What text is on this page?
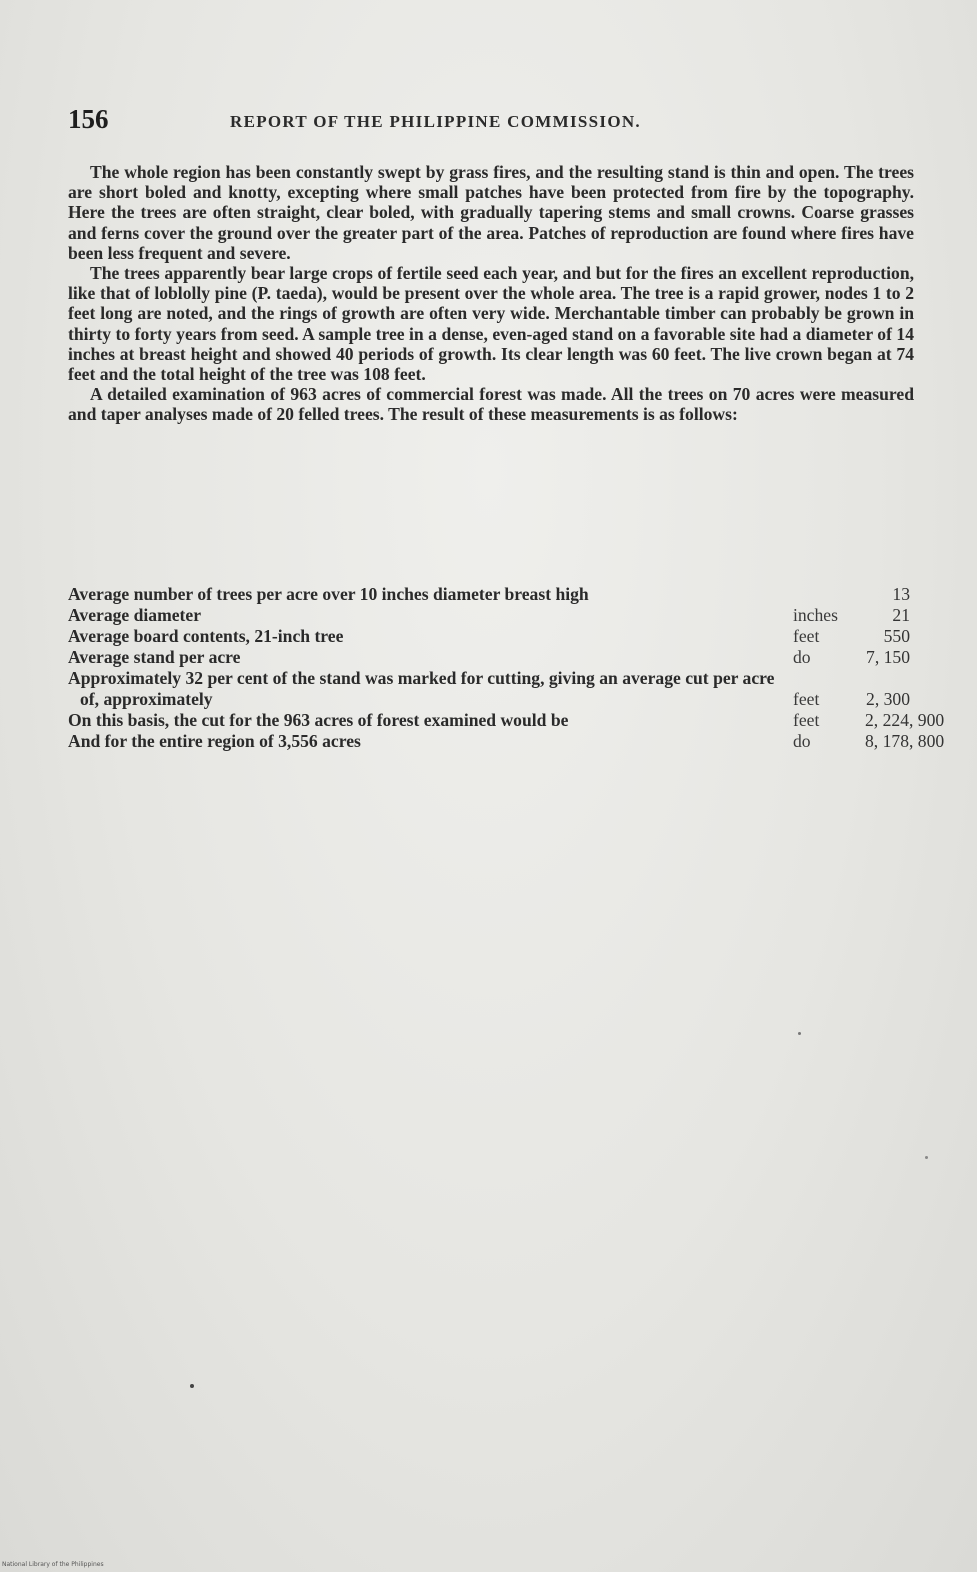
156	REPORT OF THE PHILIPPINE COMMISSION.

The whole region has been constantly swept by grass fires, and the resulting stand is thin and open. The trees are short boled and knotty, excepting where small patches have been protected from fire by the topography. Here the trees are often straight, clear boled, with gradually tapering stems and small crowns. Coarse grasses and ferns cover the ground over the greater part of the area. Patches of reproduction are found where fires have been less frequent and severe.

The trees apparently bear large crops of fertile seed each year, and but for the fires an excellent reproduction, like that of loblolly pine (P. taeda), would be present over the whole area. The tree is a rapid grower, nodes 1 to 2 feet long are noted, and the rings of growth are often very wide. Merchantable timber can probably be grown in thirty to forty years from seed. A sample tree in a dense, even-aged stand on a favorable site had a diameter of 14 inches at breast height and showed 40 periods of growth. Its clear length was 60 feet. The live crown began at 74 feet and the total height of the tree was 108 feet.

A detailed examination of 963 acres of commercial forest was made. All the trees on 70 acres were measured and taper analyses made of 20 felled trees. The result of these measurements is as follows:

Average number of trees per acre over 10 inches diameter breast high	13
Average diameter	inches	21
Average board contents, 21-inch tree	feet	550
Average stand per acre	do	7, 150
Approximately 32 per cent of the stand was marked for cutting, giving an average cut per acre of, approximately	feet	2, 300
On this basis, the cut for the 963 acres of forest examined would be	feet	2, 224, 900
And for the entire region of 3,556 acres	do	8, 178, 800
National Library of the Philippines
